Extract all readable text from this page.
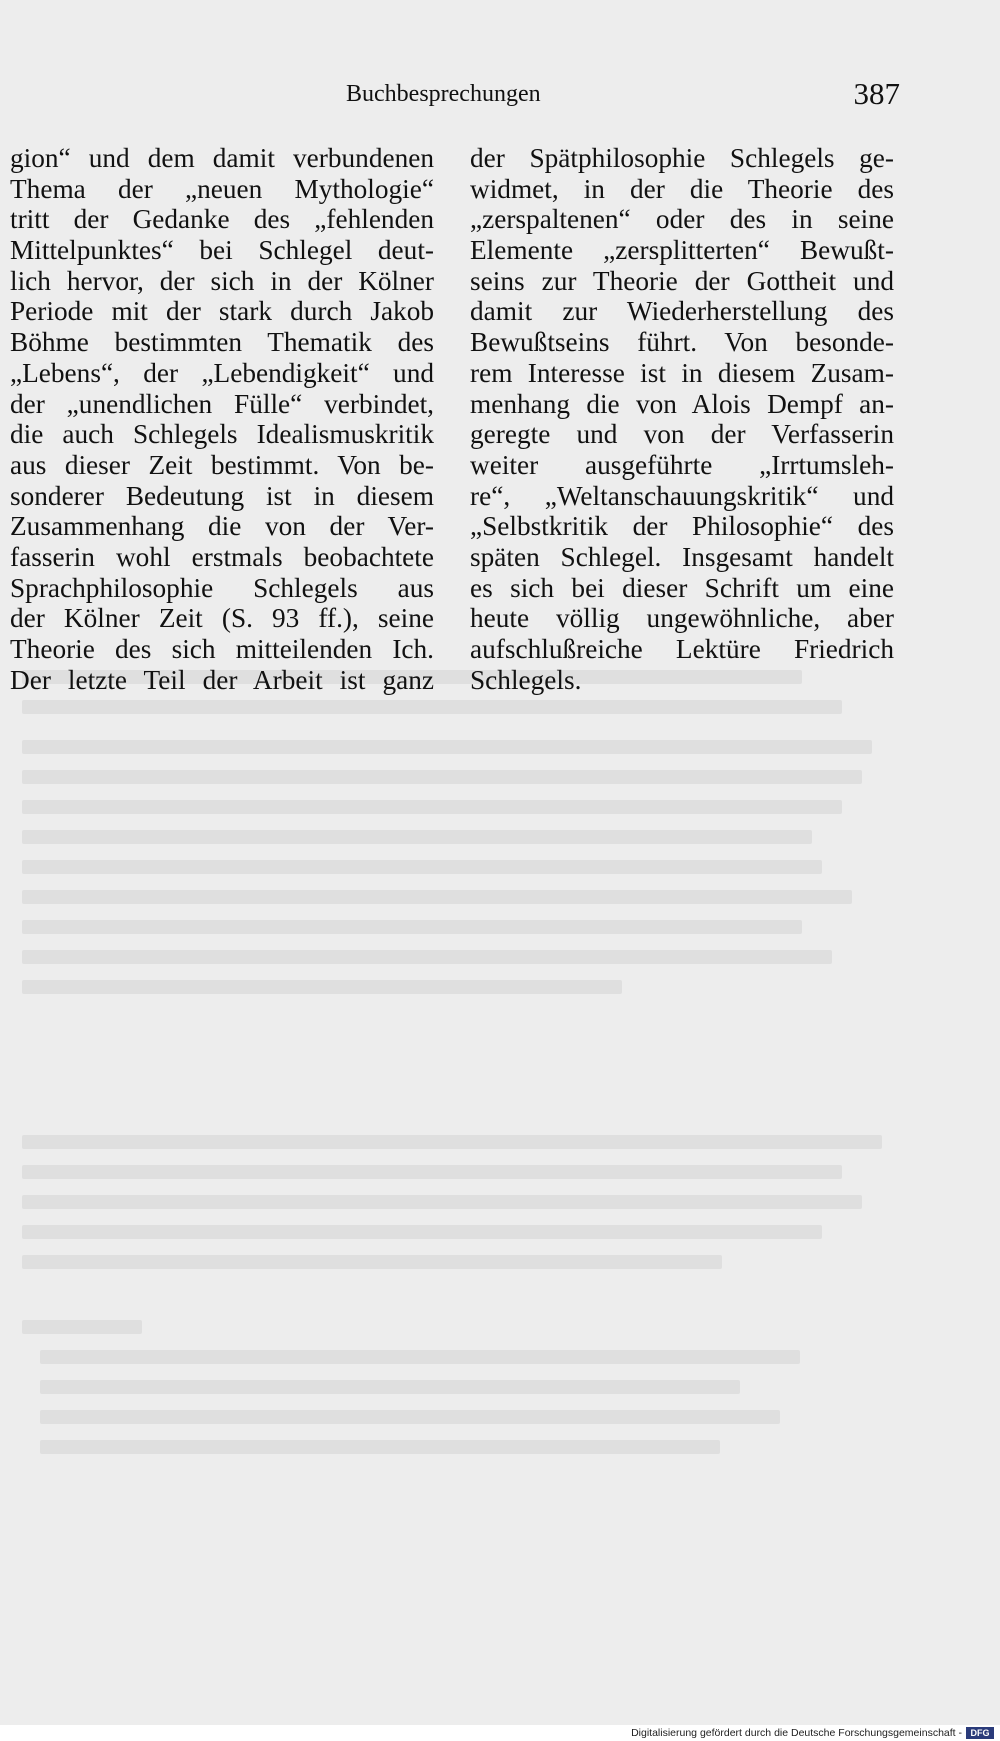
Buchbesprechungen	387
gion“ und dem damit verbundenen
Thema der „neuen Mythologie“
tritt der Gedanke des „fehlenden
Mittelpunktes“ bei Schlegel deut-
lich hervor, der sich in der Kölner
Periode mit der stark durch Jakob
Böhme bestimmten Thematik des
„Lebens“, der „Lebendigkeit“ und
der „unendlichen Fülle“ verbindet,
die auch Schlegels Idealismuskritik
aus dieser Zeit bestimmt. Von be-
sonderer Bedeutung ist in diesem
Zusammenhang die von der Ver-
fasserin wohl erstmals beobachtete
Sprachphilosophie Schlegels aus
der Kölner Zeit (S. 93 ff.), seine
Theorie des sich mitteilenden Ich.
Der letzte Teil der Arbeit ist ganz
der Spätphilosophie Schlegels ge-
widmet, in der die Theorie des
„zerspaltenen“ oder des in seine
Elemente „zersplitterten“ Bewußt-
seins zur Theorie der Gottheit und
damit zur Wiederherstellung des
Bewußtseins führt. Von besonde-
rem Interesse ist in diesem Zusam-
menhang die von Alois Dempf an-
geregte und von der Verfasserin
weiter ausgeführte „Irrtumsleh-
re“, „Weltanschauungskritik“ und
„Selbstkritik der Philosophie“ des
späten Schlegel. Insgesamt handelt
es sich bei dieser Schrift um eine
heute völlig ungewöhnliche, aber
aufschlußreiche Lektüre Friedrich
Schlegels.
Digitalisierung gefördert durch die Deutsche Forschungsgemeinschaft - DFG
